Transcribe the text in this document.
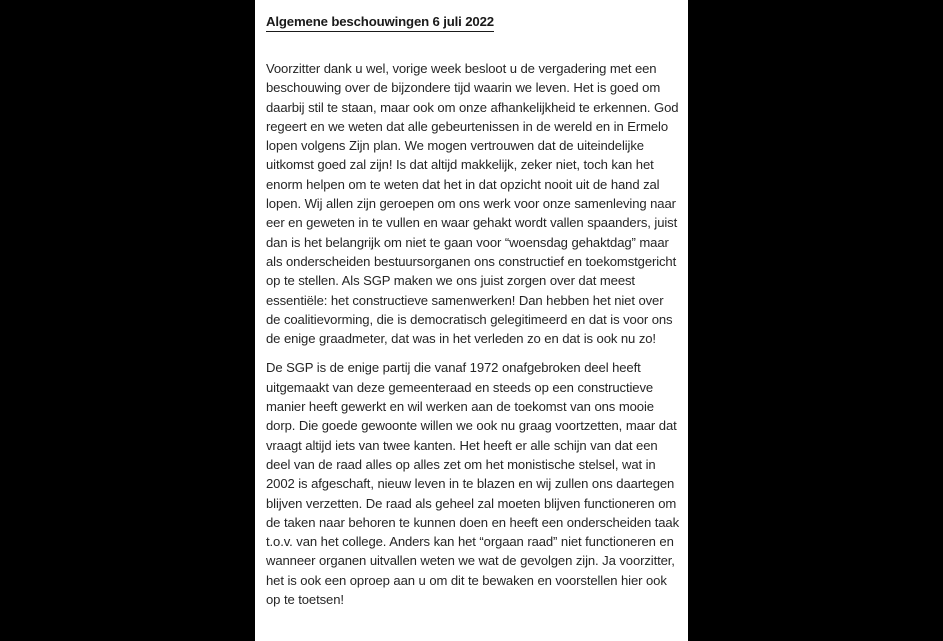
Algemene beschouwingen 6 juli 2022

Voorzitter dank u wel, vorige week besloot u de vergadering met een beschouwing over de bijzondere tijd waarin we leven. Het is goed om daarbij stil te staan, maar ook om onze afhankelijkheid te erkennen. God regeert en we weten dat alle gebeurtenissen in de wereld en in Ermelo lopen volgens Zijn plan. We mogen vertrouwen dat de uiteindelijke uitkomst goed zal zijn! Is dat altijd makkelijk, zeker niet, toch kan het enorm helpen om te weten dat het in dat opzicht nooit uit de hand zal lopen. Wij allen zijn geroepen om ons werk voor onze samenleving naar eer en geweten in te vullen en waar gehakt wordt vallen spaanders, juist dan is het belangrijk om niet te gaan voor “woensdag gehaktdag” maar als onderscheiden bestuursorganen ons constructief en toekomstgericht op te stellen. Als SGP maken we ons juist zorgen over dat meest essentiële: het constructieve samenwerken! Dan hebben het niet over de coalitievorming, die is democratisch gelegitimeerd en dat is voor ons de enige graadmeter, dat was in het verleden zo en dat is ook nu zo!

De SGP is de enige partij die vanaf 1972 onafgebroken deel heeft uitgemaakt van deze gemeenteraad en steeds op een constructieve manier heeft gewerkt en wil werken aan de toekomst van ons mooie dorp. Die goede gewoonte willen we ook nu graag voortzetten, maar dat vraagt altijd iets van twee kanten. Het heeft er alle schijn van dat een deel van de raad alles op alles zet om het monistische stelsel, wat in 2002 is afgeschaft, nieuw leven in te blazen en wij zullen ons daartegen blijven verzetten. De raad als geheel zal moeten blijven functioneren om de taken naar behoren te kunnen doen en heeft een onderscheiden taak t.o.v. van het college. Anders kan het “orgaan raad” niet functioneren en wanneer organen uitvallen weten we wat de gevolgen zijn. Ja voorzitter, het is ook een oproep aan u om dit te bewaken en voorstellen hier ook op te toetsen!
